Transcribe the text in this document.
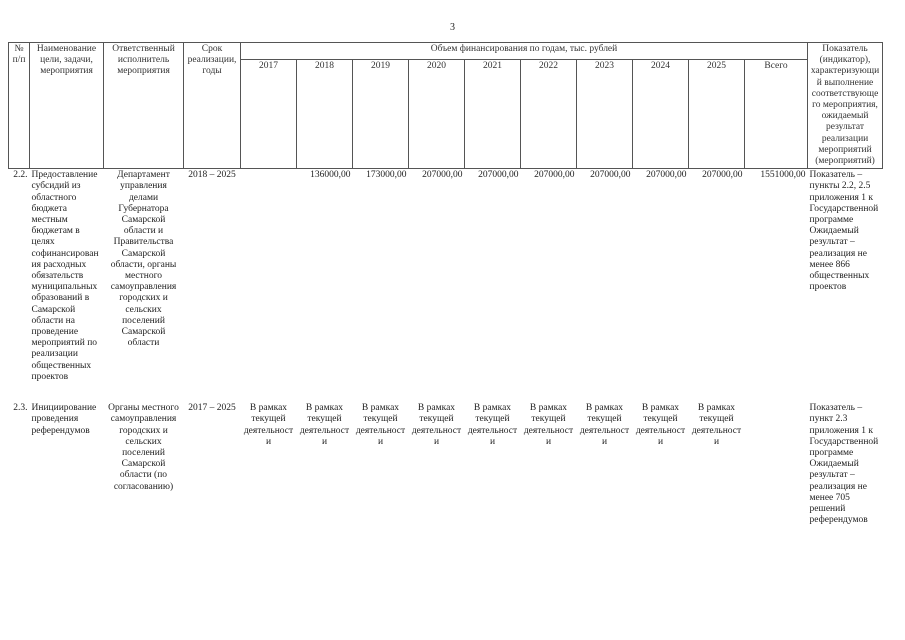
3
№ п/п	Наименование цели, задачи, мероприятия	Ответственный исполнитель мероприятия	Срок реализации, годы	Объем финансирования по годам, тыс. рублей										Показатель (индикатор), характеризующий выполнение соответствующего мероприятия, ожидаемый результат реализации мероприятий (мероприятий)
				2017	2018	2019	2020	2021	2022	2023	2024	2025	Всего	
2.2.	Предоставление субсидий из областного бюджета местным бюджетам в целях софинансирования расходных обязательств муниципальных образований в Самарской области на проведение мероприятий по реализации общественных проектов	Департамент управления делами Губернатора Самарской области и Правительства Самарской области, органы местного самоуправления городских и сельских поселений Самарской области	2018 – 2025		136000,00	173000,00	207000,00	207000,00	207000,00	207000,00	207000,00	207000,00	1551000,00	Показатель – пункты 2.2, 2.5 приложения 1 к Государственной программе Ожидаемый результат – реализация не менее 866 общественных проектов

2.3.	Инициирование проведения референдумов	Органы местного самоуправления городских и сельских поселений Самарской области (по согласованию)	2017 – 2025	В рамках текущей деятельности	В рамках текущей деятельности	В рамках текущей деятельности	В рамках текущей деятельности	В рамках текущей деятельности	В рамках текущей деятельности	В рамках текущей деятельности	В рамках текущей деятельности	В рамках текущей деятельности		Показатель – пункт 2.3 приложения 1 к Государственной программе Ожидаемый результат – реализация не менее 705 решений референдумов
